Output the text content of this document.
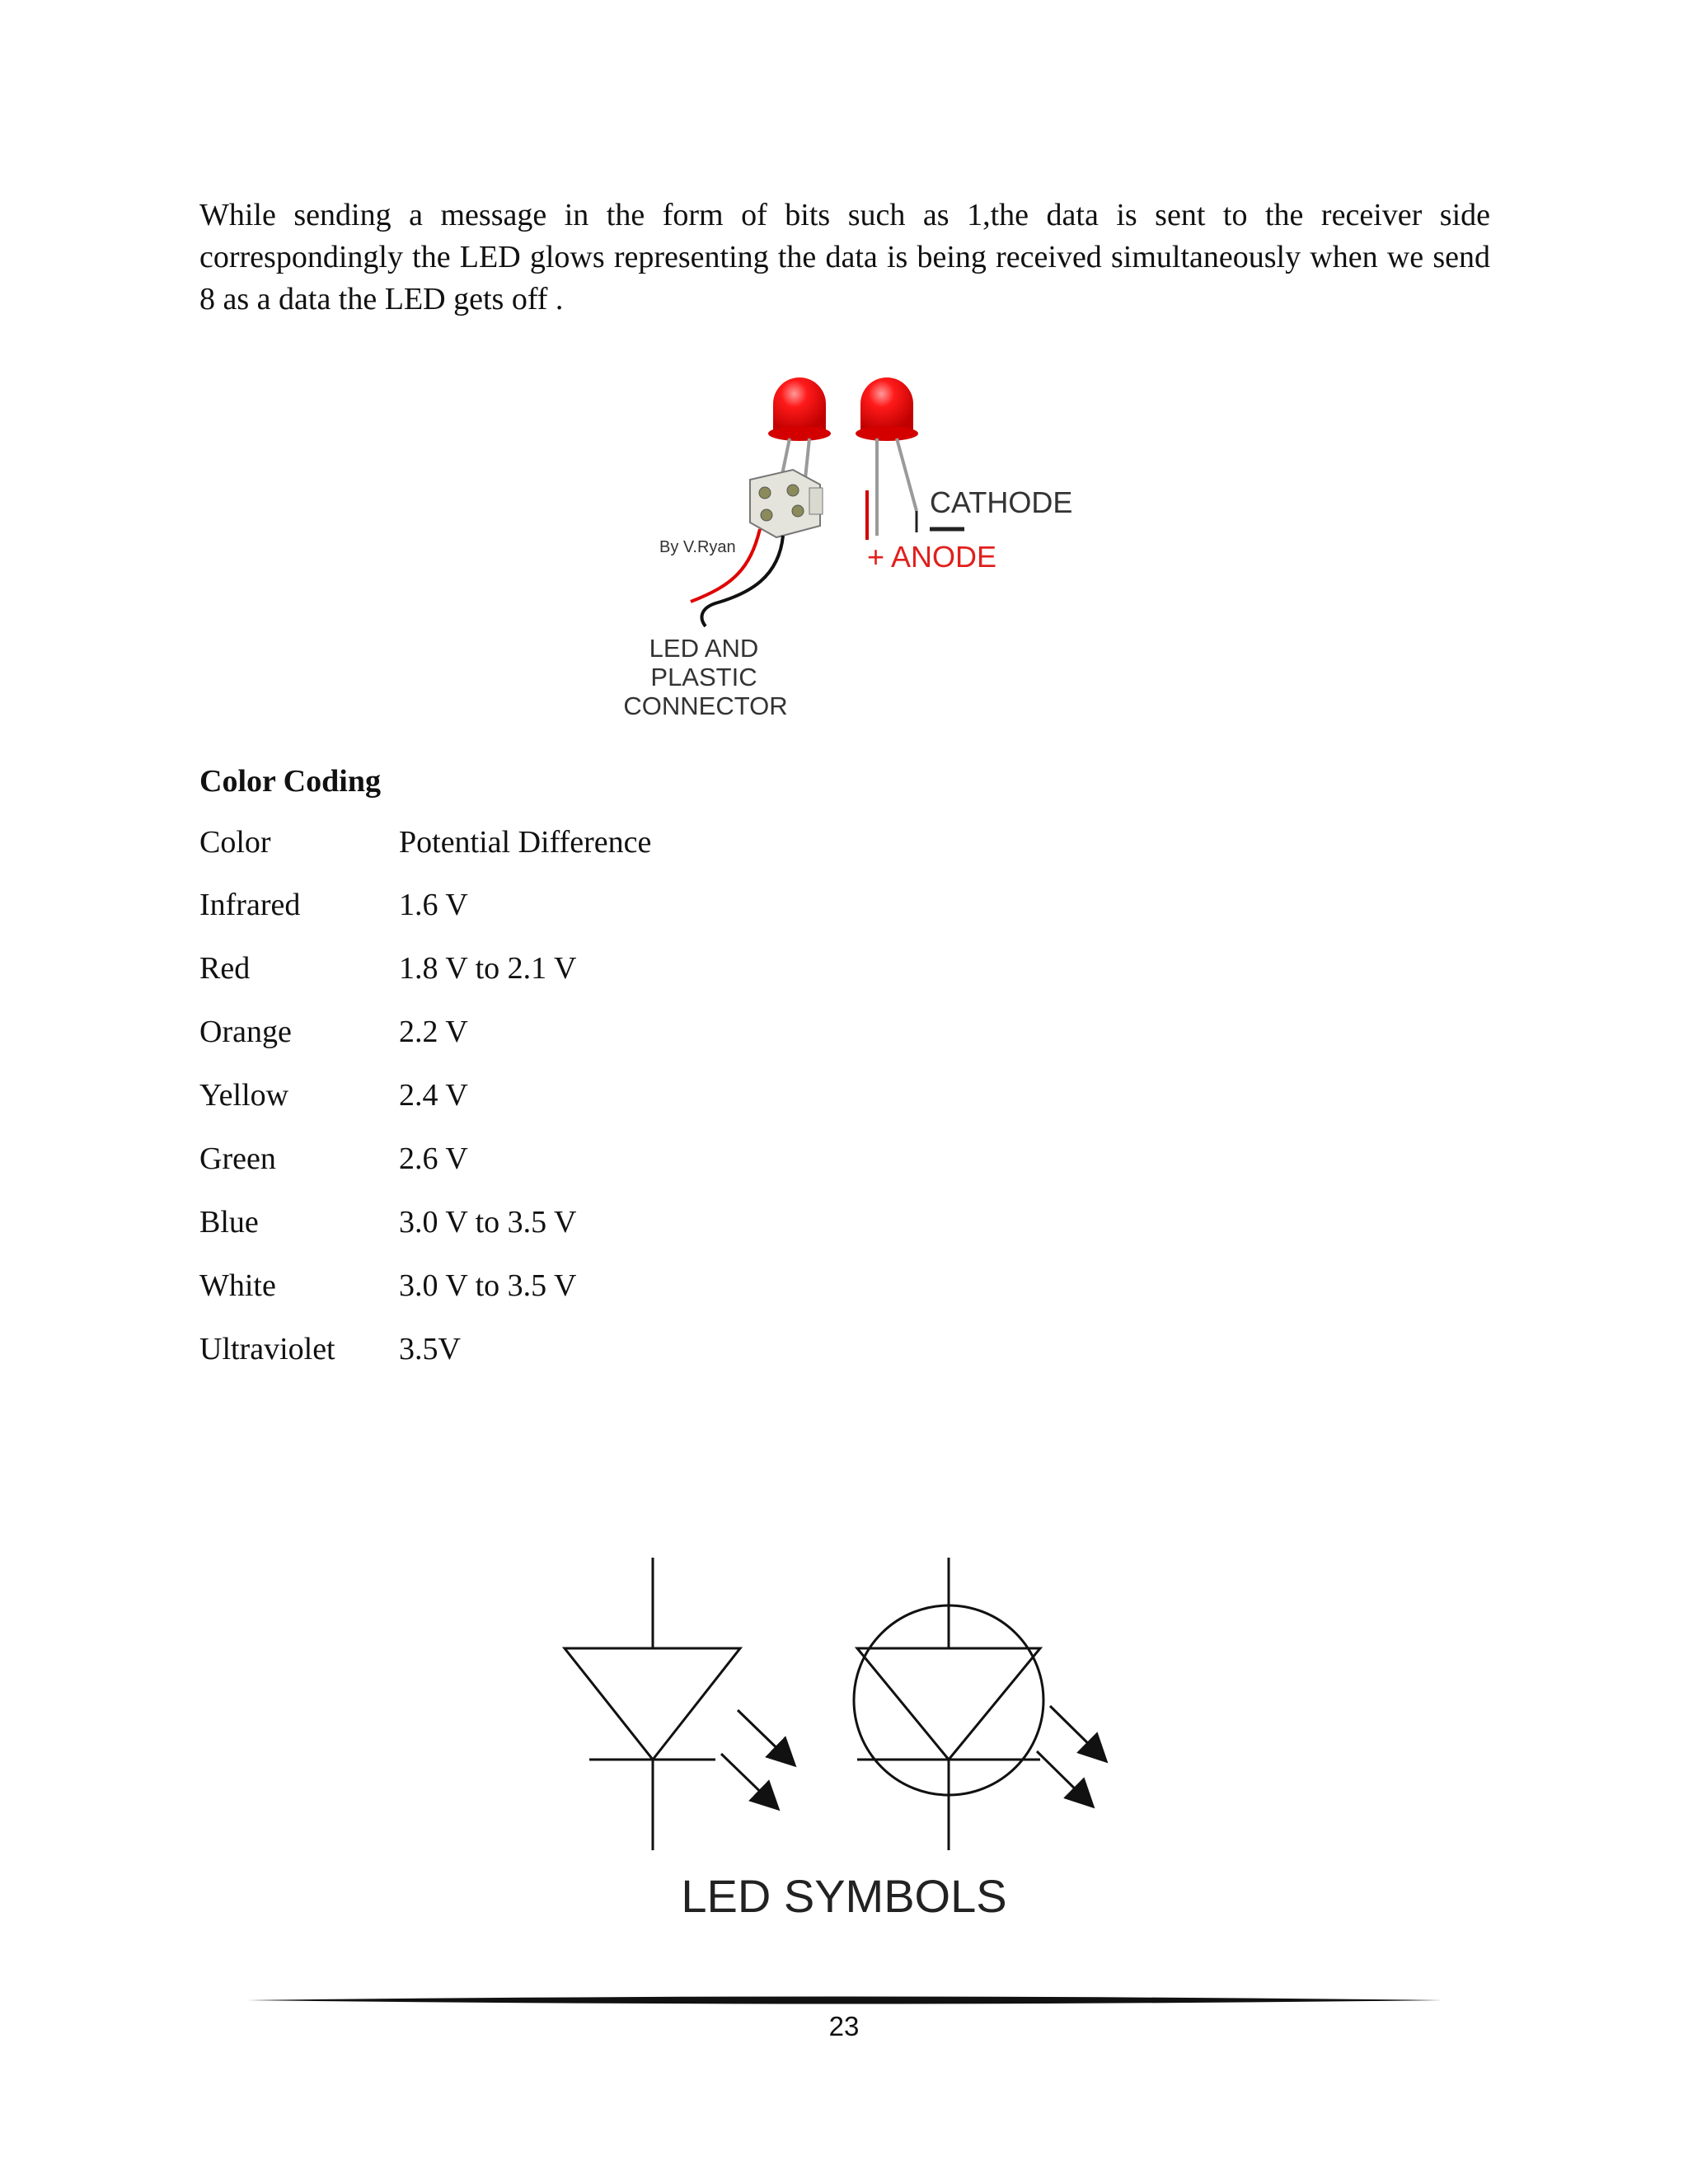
While sending a message in the form of bits such as 1,the data is sent to the receiver side correspondingly the LED glows representing the data is being received simultaneously when we send 8 as a data the LED gets off .

By V.Ryan
CATHODE
+ ANODE
LED AND
PLASTIC
CONNECTOR

Color Coding

Color	Potential Difference
Infrared	1.6 V
Red	1.8 V to 2.1 V
Orange	2.2 V
Yellow	2.4 V
Green	2.6 V
Blue	3.0 V to 3.5 V
White	3.0 V to 3.5 V
Ultraviolet	3.5V

LED SYMBOLS

23
